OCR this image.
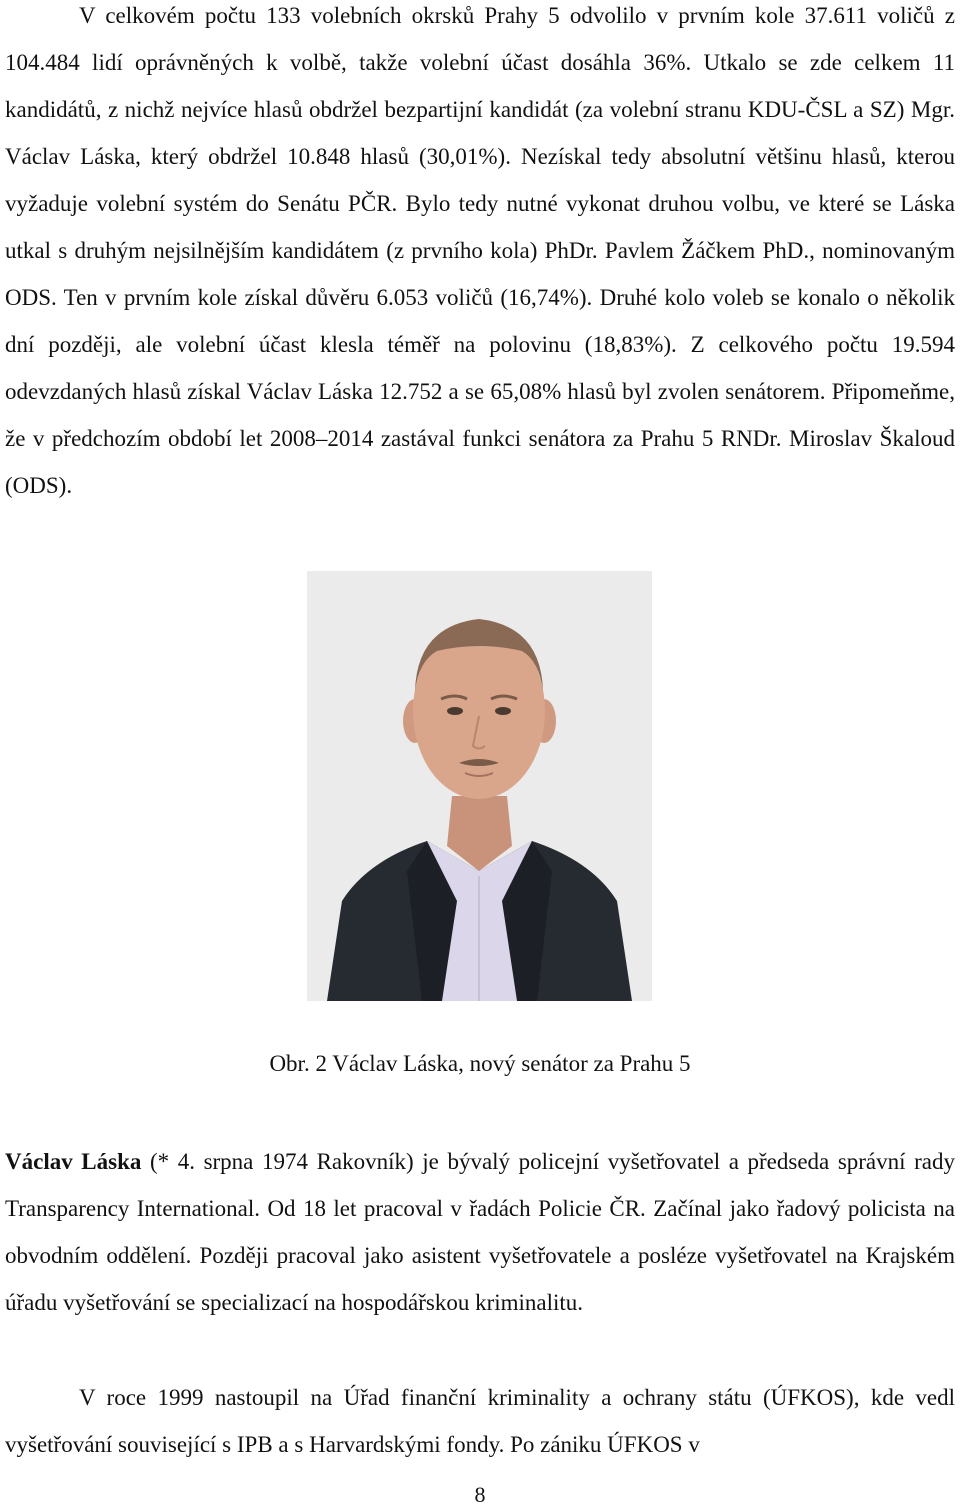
V celkovém počtu 133 volebních okrsků Prahy 5 odvolilo v prvním kole 37.611 voličů z 104.484 lidí oprávněných k volbě, takže volební účast dosáhla 36%. Utkalo se zde celkem 11 kandidátů, z nichž nejvíce hlasů obdržel bezpartijní kandidát (za volební stranu KDU-ČSL a SZ) Mgr. Václav Láska, který obdržel 10.848 hlasů (30,01%). Nezískal tedy absolutní většinu hlasů, kterou vyžaduje volební systém do Senátu PČR. Bylo tedy nutné vykonat druhou volbu, ve které se Láska utkal s druhým nejsilnějším kandidátem (z prvního kola) PhDr. Pavlem Žáčkem PhD., nominovaným ODS. Ten v prvním kole získal důvěru 6.053 voličů (16,74%). Druhé kolo voleb se konalo o několik dní později, ale volební účast klesla téměř na polovinu (18,83%). Z celkového počtu 19.594 odevzdaných hlasů získal Václav Láska 12.752 a se 65,08% hlasů byl zvolen senátorem. Připomeňme, že v předchozím období let 2008–2014 zastával funkci senátora za Prahu 5 RNDr. Miroslav Škaloud (ODS).

Obr. 2 Václav Láska, nový senátor za Prahu 5

Václav Láska (* 4. srpna 1974 Rakovník) je bývalý policejní vyšetřovatel a předseda správní rady Transparency International. Od 18 let pracoval v řadách Policie ČR. Začínal jako řadový policista na obvodním oddělení. Později pracoval jako asistent vyšetřovatele a posléze vyšetřovatel na Krajském úřadu vyšetřování se specializací na hospodářskou kriminalitu.

V roce 1999 nastoupil na Úřad finanční kriminality a ochrany státu (ÚFKOS), kde vedl vyšetřování související s IPB a s Harvardskými fondy. Po zániku ÚFKOS v

8
